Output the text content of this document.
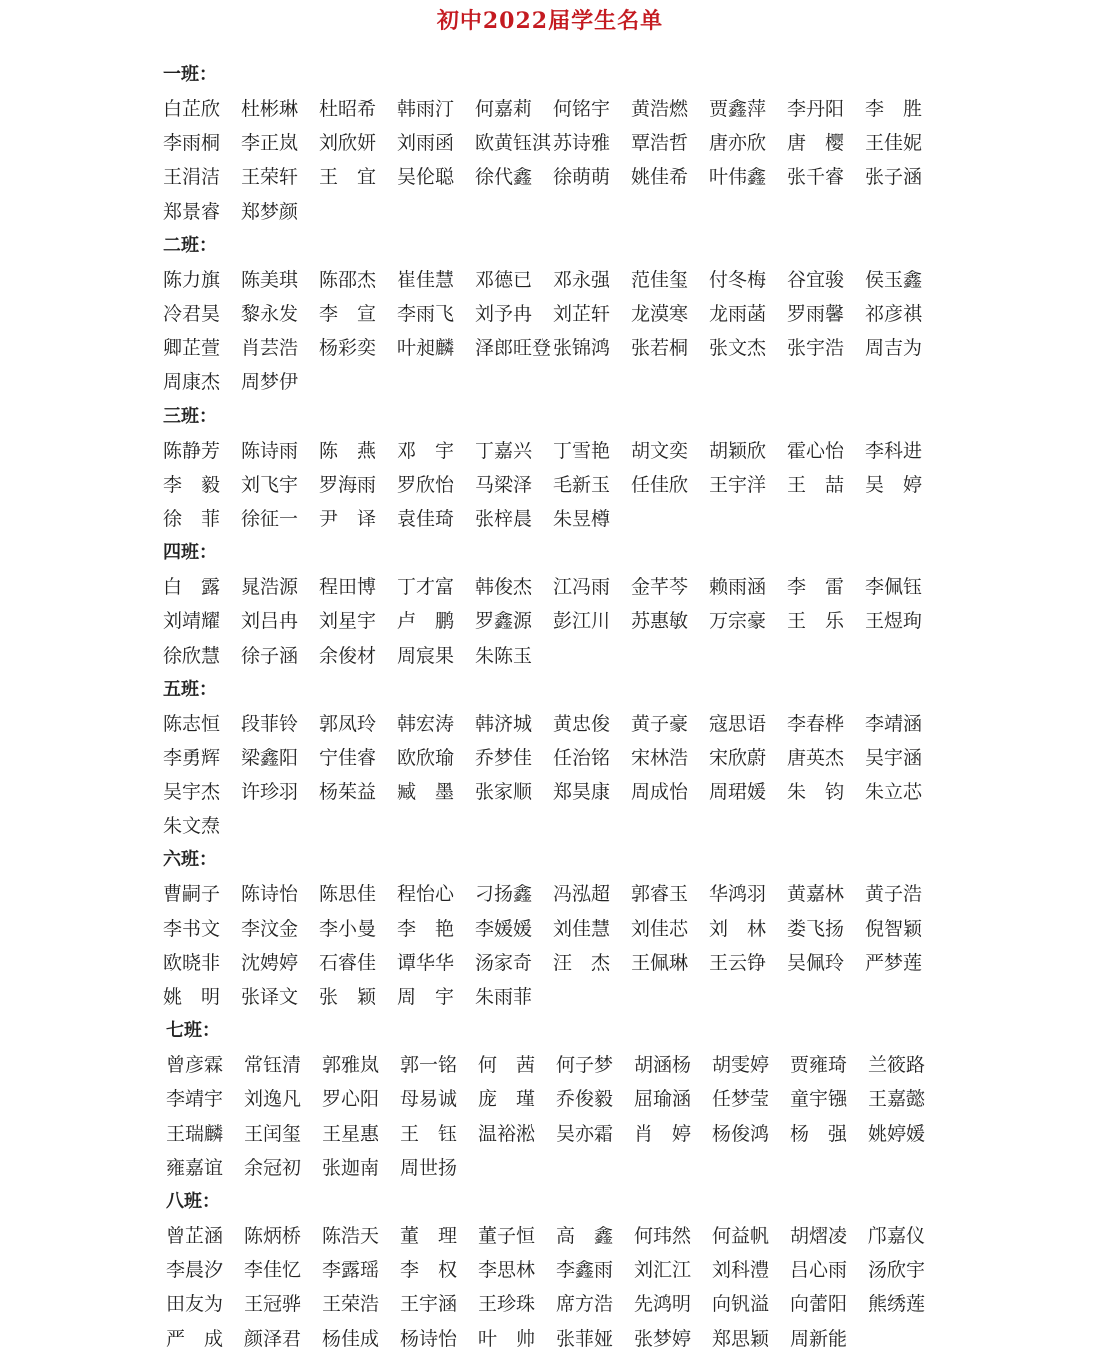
初中2022届学生名单
一班：
白芷欣	杜彬琳	杜昭希	韩雨汀	何嘉莉	何铭宇	黄浩燃	贾鑫萍	李丹阳	李　胜
李雨桐	李正岚	刘欣妍	刘雨函	欧黄钰淇 苏诗雅	覃浩哲	唐亦欣	唐　樱	王佳妮
王涓洁	王荣轩	王　宜	吴伦聪	徐代鑫	徐萌萌	姚佳希	叶伟鑫	张千睿	张子涵
郑景睿	郑梦颜
二班：
陈力旗	陈美琪	陈邵杰	崔佳慧	邓德已	邓永强	范佳玺	付冬梅	谷宜骏	侯玉鑫
冷君昊	黎永发	李　宣	李雨飞	刘予冉	刘芷轩	龙漠寒	龙雨菡	罗雨馨	祁彦祺
卿芷萱	肖芸浩	杨彩奕	叶昶麟	泽郎旺登 张锦鸿	张若桐	张文杰	张宇浩	周吉为
周康杰	周梦伊
三班：
陈静芳	陈诗雨	陈　燕	邓　宇	丁嘉兴	丁雪艳	胡文奕	胡颖欣	霍心怡	李科进
李　毅	刘飞宇	罗海雨	罗欣怡	马梁泽	毛新玉	任佳欣	王宇洋	王　喆	吴　婷
徐　菲	徐征一	尹　译	袁佳琦	张梓晨	朱昱樽
四班：
白　露	晁浩源	程田博	丁才富	韩俊杰	江冯雨	金芊芩	赖雨涵	李　雷	李佩钰
刘靖耀	刘吕冉	刘星宇	卢　鹏	罗鑫源	彭江川	苏惠敏	万宗豪	王　乐	王煜珣
徐欣慧	徐子涵	余俊材	周宸果	朱陈玉
五班：
陈志恒	段菲铃	郭凤玲	韩宏涛	韩济城	黄忠俊	黄子豪	寇思语	李春桦	李靖涵
李勇辉	梁鑫阳	宁佳睿	欧欣瑜	乔梦佳	任治铭	宋林浩	宋欣蔚	唐英杰	吴宇涵
吴宇杰	许珍羽	杨茱益	臧　墨	张家顺	郑昊康	周成怡	周珺媛	朱　钧	朱立芯
朱文焘
六班：
曹嗣子	陈诗怡	陈思佳	程怡心	刁扬鑫	冯泓超	郭睿玉	华鸿羽	黄嘉林	黄子浩
李书文	李汶金	李小曼	李　艳	李媛媛	刘佳慧	刘佳芯	刘　林	娄飞扬	倪智颖
欧晓非	沈娉婷	石睿佳	谭华华	汤家奇	汪　杰	王佩琳	王云铮	吴佩玲	严梦莲
姚　明	张译文	张　颖	周　宇	朱雨菲
七班：
曾彦霖	常钰清	郭雅岚	郭一铭	何　茜	何子梦	胡涵杨	胡雯婷	贾雍琦	兰筱路
李靖宇	刘逸凡	罗心阳	母易诚	庞　瑾	乔俊毅	屈瑜涵	任梦莹	童宇镪	王嘉懿
王瑞麟	王闰玺	王星惠	王　钰	温裕淞	吴亦霜	肖　婷	杨俊鸿	杨　强	姚婷媛
雍嘉谊	余冠初	张迦南	周世扬
八班：
曾芷涵	陈炳桥	陈浩天	董　理	董子恒	高　鑫	何玮然	何益帆	胡熠凌	邝嘉仪
李晨汐	李佳忆	李露瑶	李　权	李思林	李鑫雨	刘汇江	刘科澧	吕心雨	汤欣宇
田友为	王冠骅	王荣浩	王宇涵	王珍珠	席方浩	先鸿明	向钒溢	向蕾阳	熊绣莲
严　成	颜泽君	杨佳成	杨诗怡	叶　帅	张菲娅	张梦婷	郑思颖	周新能
